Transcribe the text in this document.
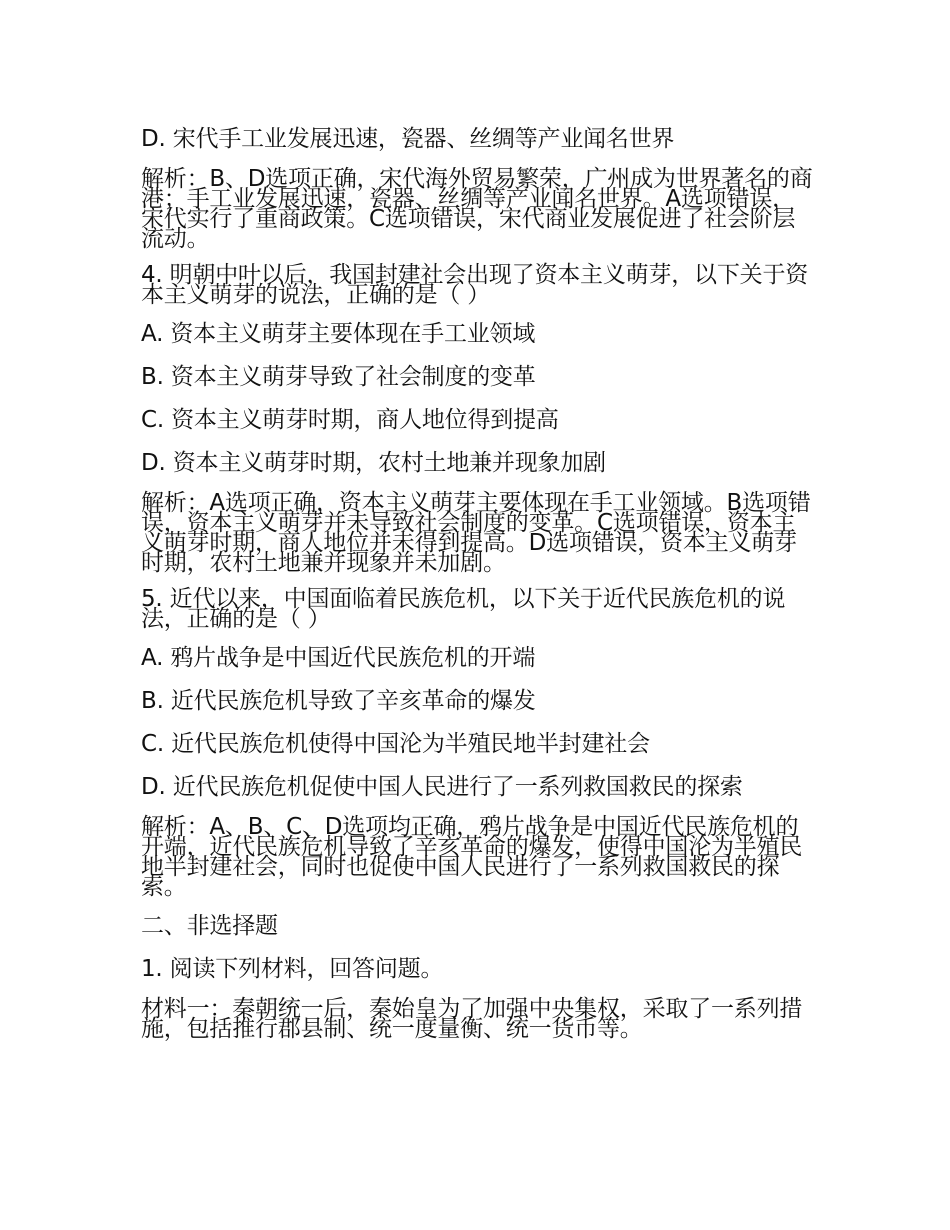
D. 宋代手工业发展迅速，瓷器、丝绸等产业闻名世界

解析：B、D选项正确，宋代海外贸易繁荣，广州成为世界著名的商港；手工业发展迅速，瓷器、丝绸等产业闻名世界。A选项错误，宋代实行了重商政策。C选项错误，宋代商业发展促进了社会阶层流动。

4. 明朝中叶以后，我国封建社会出现了资本主义萌芽，以下关于资本主义萌芽的说法，正确的是（ ）

A. 资本主义萌芽主要体现在手工业领域

B. 资本主义萌芽导致了社会制度的变革

C. 资本主义萌芽时期，商人地位得到提高

D. 资本主义萌芽时期，农村土地兼并现象加剧

解析：A选项正确，资本主义萌芽主要体现在手工业领域。B选项错误，资本主义萌芽并未导致社会制度的变革。C选项错误，资本主义萌芽时期，商人地位并未得到提高。D选项错误，资本主义萌芽时期，农村土地兼并现象并未加剧。

5. 近代以来，中国面临着民族危机，以下关于近代民族危机的说法，正确的是（ ）

A. 鸦片战争是中国近代民族危机的开端

B. 近代民族危机导致了辛亥革命的爆发

C. 近代民族危机使得中国沦为半殖民地半封建社会

D. 近代民族危机促使中国人民进行了一系列救国救民的探索

解析：A、B、C、D选项均正确，鸦片战争是中国近代民族危机的开端，近代民族危机导致了辛亥革命的爆发，使得中国沦为半殖民地半封建社会，同时也促使中国人民进行了一系列救国救民的探索。

二、非选择题

1. 阅读下列材料，回答问题。

材料一：秦朝统一后，秦始皇为了加强中央集权，采取了一系列措施，包括推行郡县制、统一度量衡、统一货币等。
